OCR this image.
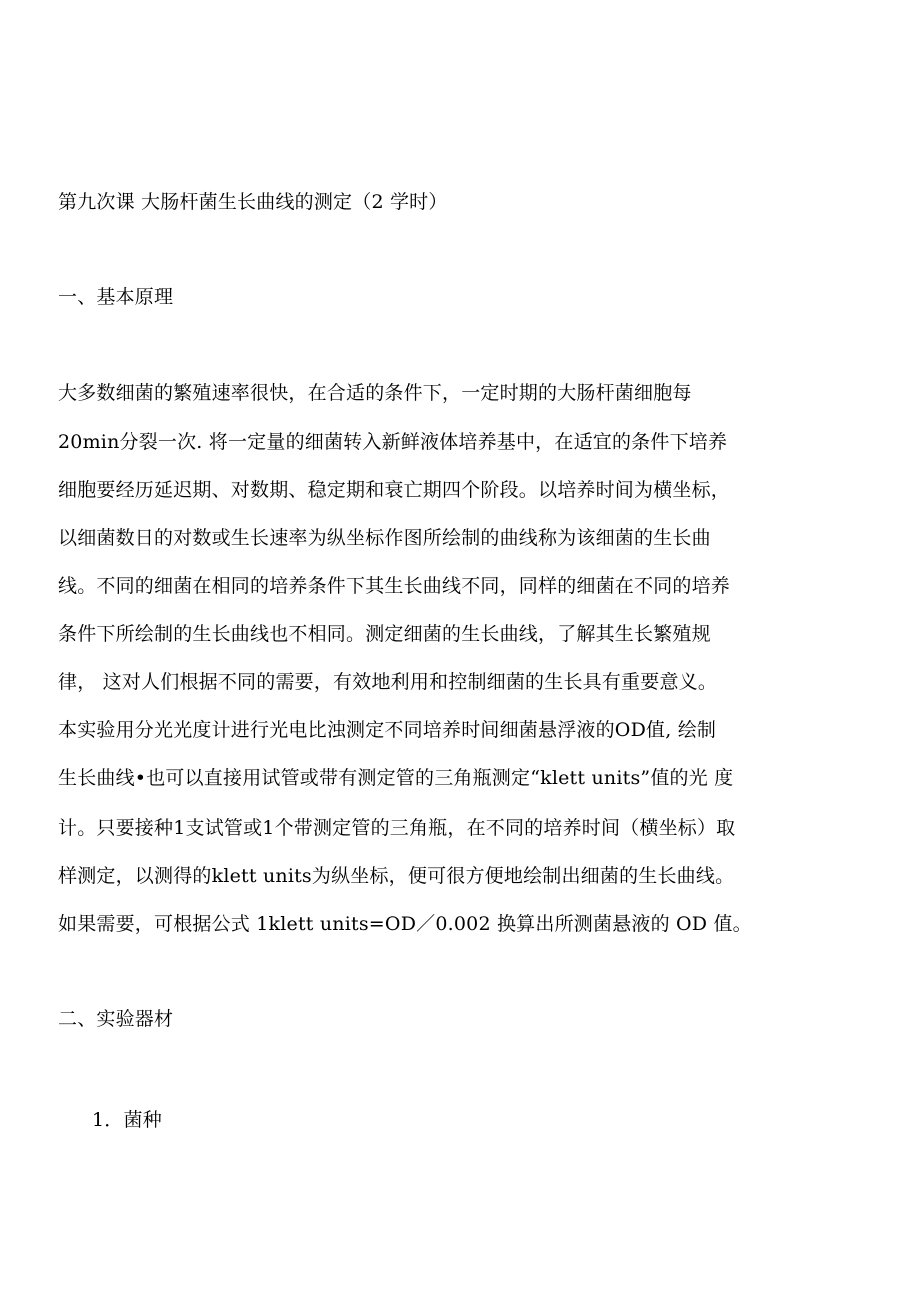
第九次课 大肠杆菌生长曲线的测定（2 学时）
一、基本原理
大多数细菌的繁殖速率很快，在合适的条件下，一定时期的大肠杆菌细胞每
20min分裂一次. 将一定量的细菌转入新鲜液体培养基中，在适宜的条件下培养
细胞要经历延迟期、对数期、稳定期和衰亡期四个阶段。以培养时间为横坐标，
以细菌数日的对数或生长速率为纵坐标作图所绘制的曲线称为该细菌的生长曲
线。不同的细菌在相同的培养条件下其生长曲线不同，同样的细菌在不同的培养
条件下所绘制的生长曲线也不相同。测定细菌的生长曲线，了解其生长繁殖规
律， 这对人们根据不同的需要，有效地利用和控制细菌的生长具有重要意义。
本实验用分光光度计进行光电比浊测定不同培养时间细菌悬浮液的OD值, 绘制
生长曲线•也可以直接用试管或带有测定管的三角瓶测定“klett units”值的光 度
计。只要接种1支试管或1个带测定管的三角瓶，在不同的培养时间（横坐标）取
样测定，以测得的klett units为纵坐标，便可很方便地绘制出细菌的生长曲线。
如果需要，可根据公式 1klett units=OD／0.002 换算出所测菌悬液的 OD 值。
二、实验器材
1．菌种
